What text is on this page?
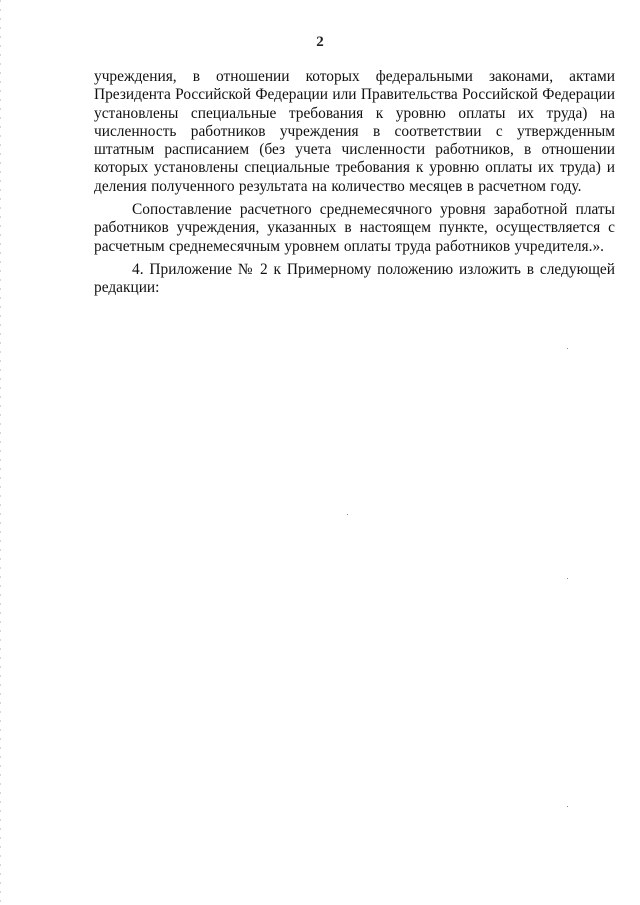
2

учреждения, в отношении которых федеральными законами, актами Президента Российской Федерации или Правительства Российской Федерации установлены специальные требования к уровню оплаты их труда) на численность работников учреждения в соответствии с утвержденным штатным расписанием (без учета численности работников, в отношении которых установлены специальные требования к уровню оплаты их труда) и деления полученного результата на количество месяцев в расчетном году.

Сопоставление расчетного среднемесячного уровня заработной платы работников учреждения, указанных в настоящем пункте, осуществляется с расчетным среднемесячным уровнем оплаты труда работников учредителя.».

4. Приложение № 2 к Примерному положению изложить в следующей редакции:
